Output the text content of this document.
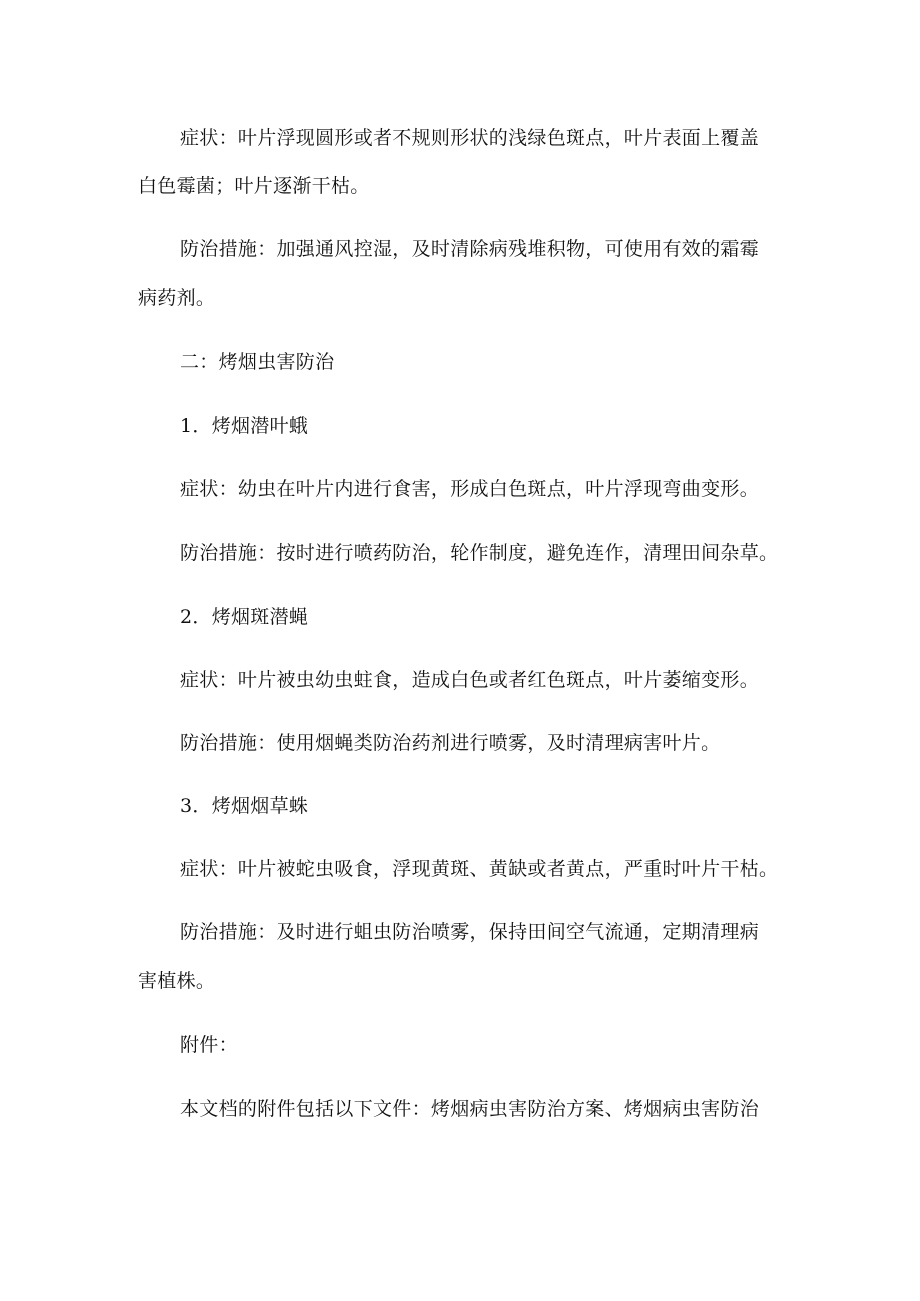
症状：叶片浮现圆形或者不规则形状的浅绿色斑点，叶片表面上覆盖
白色霉菌；叶片逐渐干枯。
防治措施：加强通风控湿，及时清除病残堆积物，可使用有效的霜霉
病药剂。
二：烤烟虫害防治
1．烤烟潜叶蛾
症状：幼虫在叶片内进行食害，形成白色斑点，叶片浮现弯曲变形。
防治措施：按时进行喷药防治，轮作制度，避免连作，清理田间杂草。
2．烤烟斑潜蝇
症状：叶片被虫幼虫蛀食，造成白色或者红色斑点，叶片萎缩变形。
防治措施：使用烟蝇类防治药剂进行喷雾，及时清理病害叶片。
3．烤烟烟草蛛
症状：叶片被蛇虫吸食，浮现黄斑、黄缺或者黄点，严重时叶片干枯。
防治措施：及时进行蛆虫防治喷雾，保持田间空气流通，定期清理病
害植株。
附件：
本文档的附件包括以下文件：烤烟病虫害防治方案、烤烟病虫害防治
